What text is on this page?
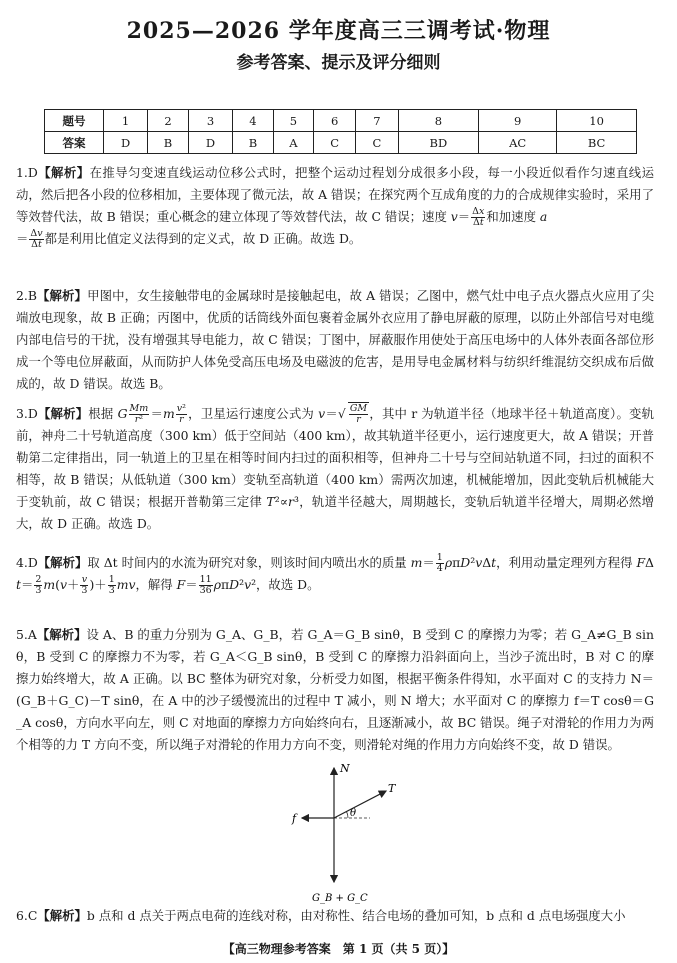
2025—2026 学年度高三三调考试·物理
参考答案、提示及评分细则
题号	1	2	3	4	5	6	7	8	9	10
答案	D	B	D	B	A	C	C	BD	AC	BC
1.D【解析】在推导匀变速直线运动位移公式时，把整个运动过程划分成很多小段，每一小段近似看作匀速直线运动，然后把各小段的位移相加，主要体现了微元法，故 A 错误；在探究两个互成角度的力的合成规律实验时，采用了等效替代法，故 B 错误；重心概念的建立体现了等效替代法，故 C 错误；速度 $v= \frac{\Delta x}{\Delta t}$ 和加速度 a
＝ $\frac{\Delta v}{\Delta t}$ 都是利用比值定义法得到的定义式，故 D 正确。故选 D。
2.B【解析】甲图中，女生接触带电的金属球时是接触起电，故 A 错误；乙图中，燃气灶中电子点火器点火应用了尖端放电现象，故 B 正确；丙图中，优质的话筒线外面包裹着金属外衣应用了静电屏蔽的原理，以防止外部信号对电缆内部电信号的干扰，没有增强其导电能力，故 C 错误；丁图中，屏蔽服作用使处于高压电场中的人体外表面各部位形成一个等电位屏蔽面，从而防护人体免受高压电场及电磁波的危害，是用导电金属材料与纺织纤维混纺交织成布后做成的，故 D 错误。故选 B。
3.D【解析】根据 G $\frac{Mm}{\text{r²}} =m \frac{\text{v²}}{r}$ ，卫星运行速度公式为 $v=√ \frac{GM}{r}$ ，其中 r 为轨道半径（地球半径＋轨道高度）。变轨前，神舟二十号轨道高度（300 km）低于空间站（400 km），故其轨道半径更小，运行速度更大，故 A 错误；开普勒第二定律指出，同一轨道上的卫星在相等时间内扫过的面积相等，但神舟二十号与空间站轨道不同，扫过的面积不相等，故 B 错误；从低轨道（300 km）变轨至高轨道（400 km）需两次加速，机械能增加，因此变轨后机械能大于变轨前，故 C 错误；根据开普勒第三定律 T²∝r³，轨道半径越大，周期越长，变轨后轨道半径增大，周期必然增大，故 D 正确。故选 D。
4.D【解析】取 Δt 时间内的水流为研究对象，则该时间内喷出水的质量 $m= \frac{1}{4} \rho\pi D^2v\Delta t$，利用动量定理列方程得 $F\Delta t= \frac{2}{3} m(v+ \frac{v}{3}$ )＋ $\frac{1}{3}$ mv，解得 $F= \frac{11}{36} \rho\pi D^2v^2$，故选 D。
5.A【解析】设 A、B 的重力分别为 G_A、G_B，若 G_A＝G_B sinθ，B 受到 C 的摩擦力为零；若 G_A≠G_B sinθ，B 受到 C 的摩擦力不为零，若 G_A＜G_B sinθ，B 受到 C 的摩擦力沿斜面向上，当沙子流出时，B 对 C 的摩擦力始终增大，故 A 正确。以 BC 整体为研究对象，分析受力如图，根据平衡条件得知，水平面对 C 的支持力 N＝(G_B＋G_C)－T sinθ，在 A 中的沙子缓慢流出的过程中 T 减小，则 N 增大；水平面对 C 的摩擦力 f＝T cosθ＝G_A cosθ，方向水平向左，则 C 对地面的摩擦力方向始终向右，且逐渐减小，故 BC 错误。绳子对滑轮的作用力为两个相等的力 T 方向不变，所以绳子对滑轮的作用力方向不变，则滑轮对绳的作用力方向始终不变，故 D 错误。
N
T
f	θ
G_B + G_C
6.C【解析】b 点和 d 点关于两点电荷的连线对称，由对称性、结合电场的叠加可知，b 点和 d 点电场强度大小
【高三物理参考答案　第 1 页（共 5 页）】
